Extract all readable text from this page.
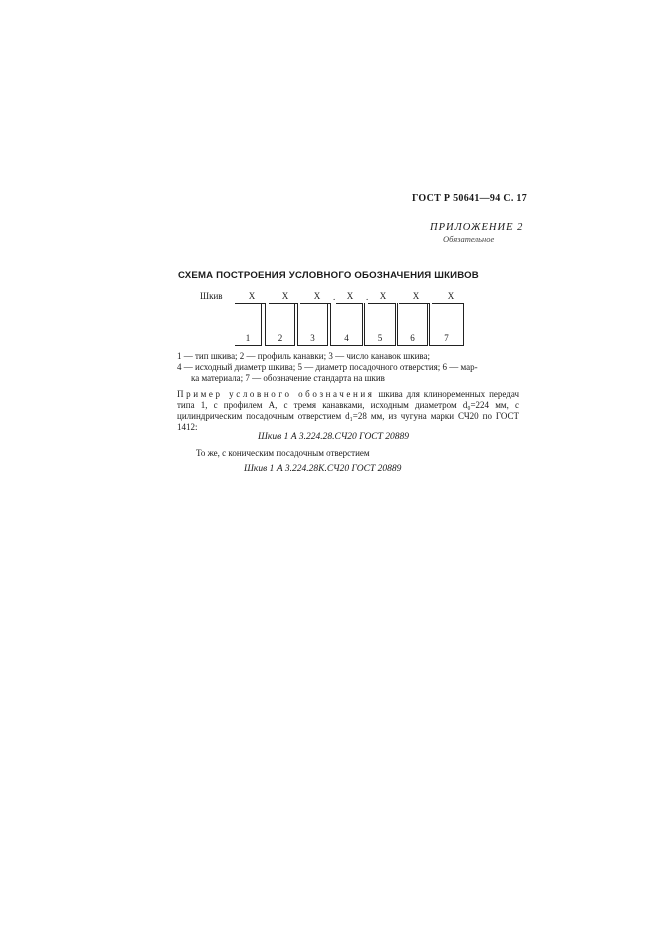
ГОСТ Р 50641—94 С. 17
ПРИЛОЖЕНИЕ 2
Обязательное
СХЕМА ПОСТРОЕНИЯ УСЛОВНОГО ОБОЗНАЧЕНИЯ ШКИВОВ
Шкив	X	X	X	.	X	.	X	X	X
1	2	3	4	5	6	7

1 — тип шкива; 2 — профиль канавки; 3 — число канавок шкива;

4 — исходный диаметр шкива; 5 — диаметр посадочного отверстия; 6 — мар-

ка материала; 7 — обозначение стандарта на шкив

Пример условного обозначения шкива для клиноременных передач типа 1, с профилем А, с тремя канавками, исходным диаметром d₀=224 мм, с цилиндрическим посадочным отверстием d₁=28 мм, из чугуна марки СЧ20 по ГОСТ 1412:
Шкив 1 А 3.224.28.СЧ20 ГОСТ 20889
То же, с коническим посадочным отверстием
Шкив 1 А 3.224.28К.СЧ20 ГОСТ 20889
